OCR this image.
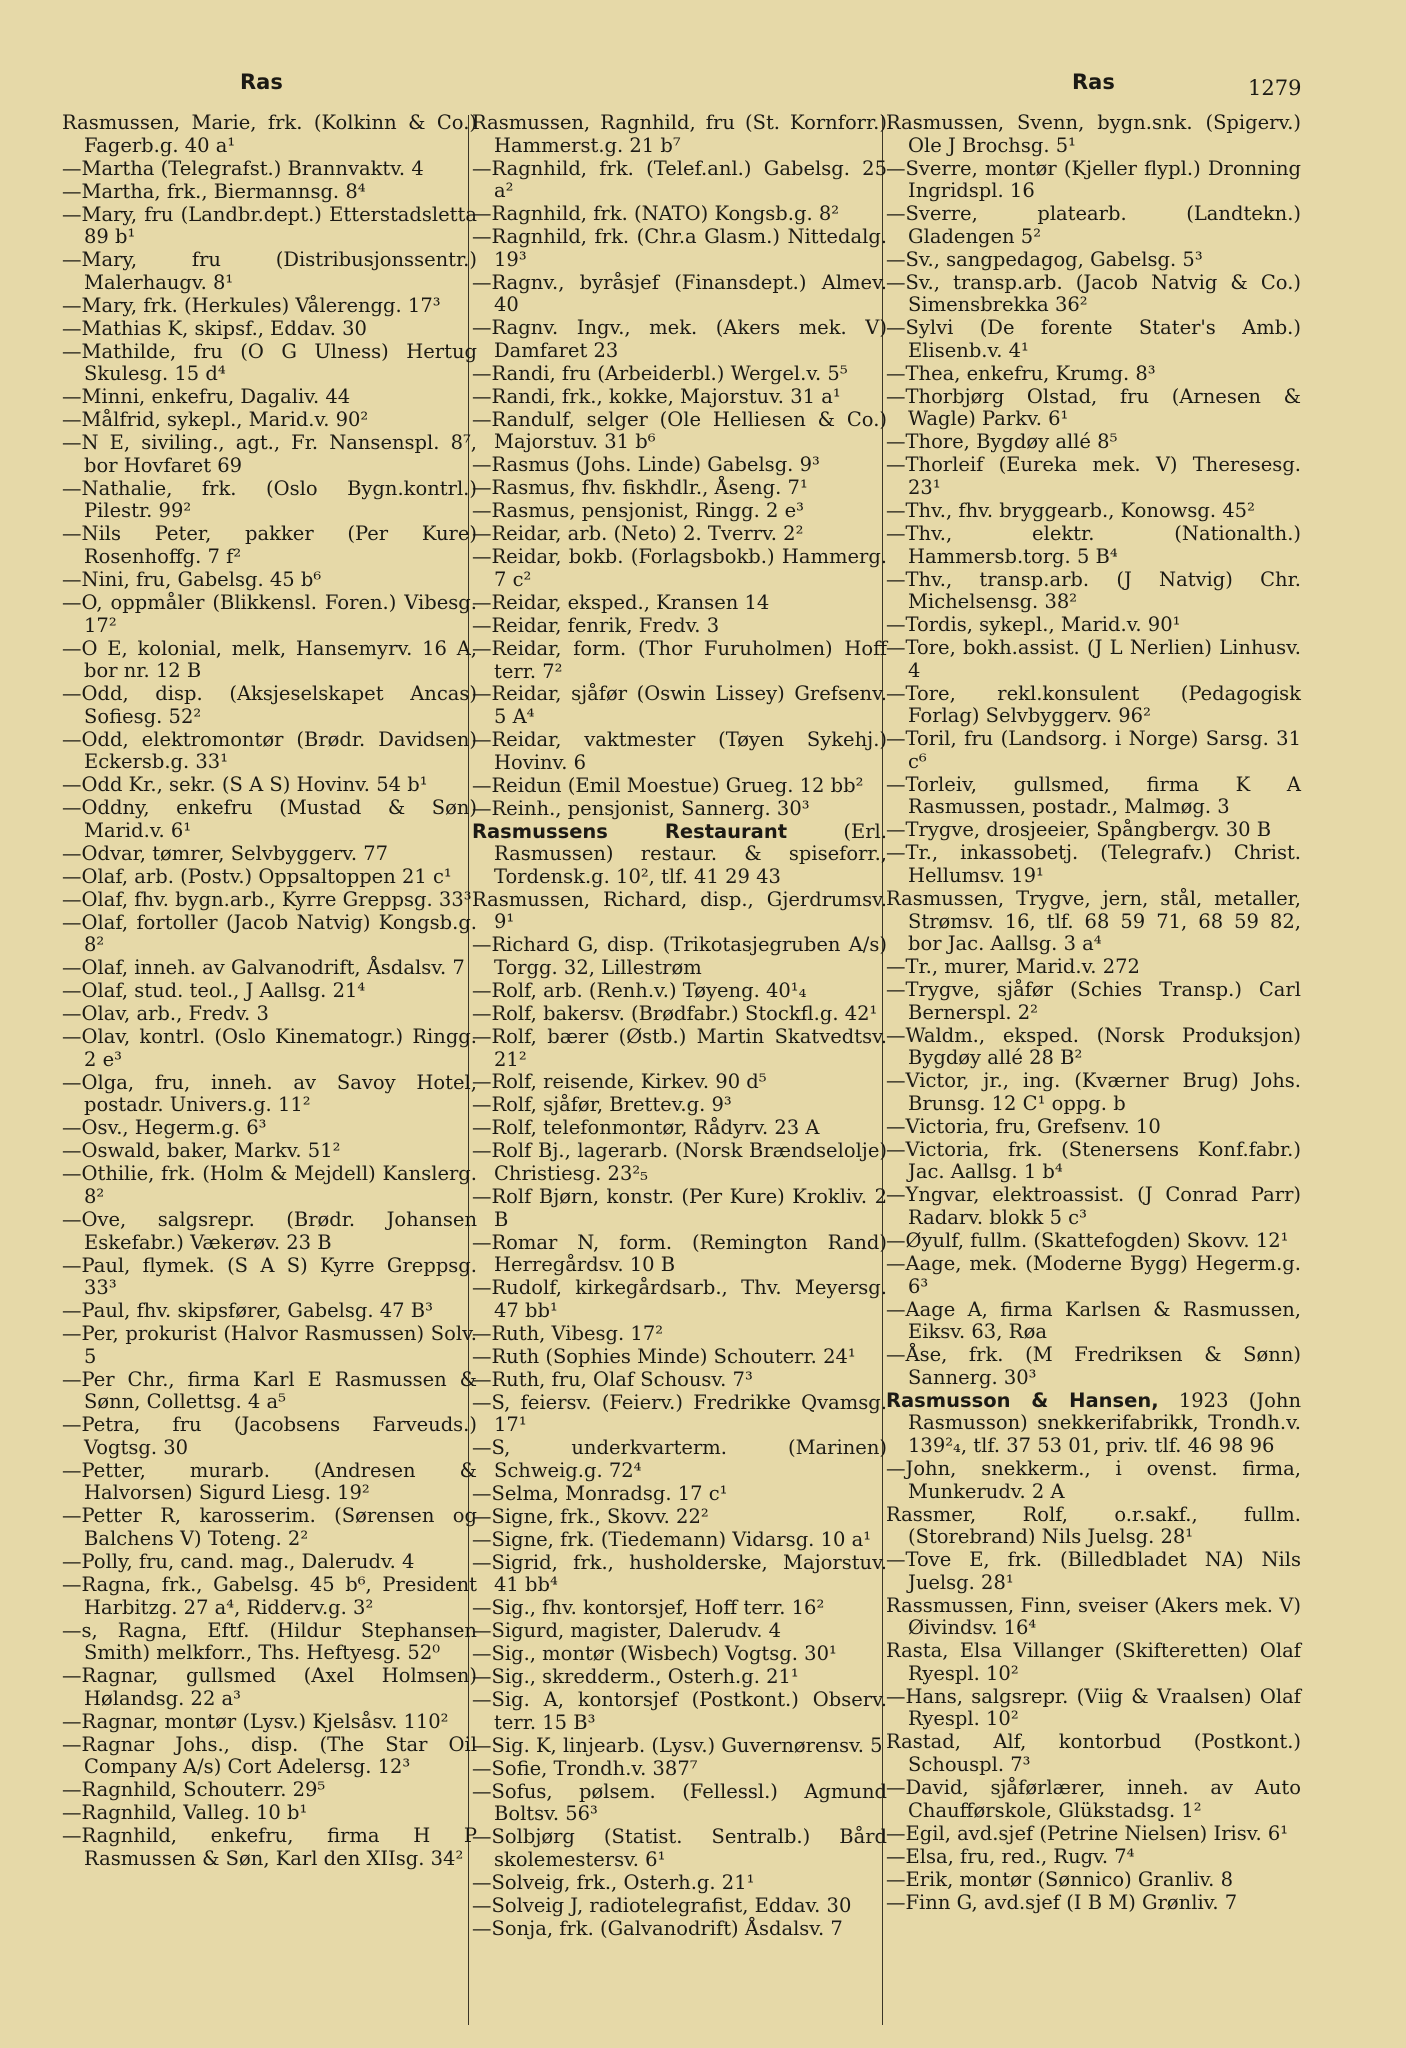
Ras	Ras	1279
Rasmussen, Marie, frk. (Kolkinn & Co.) Fagerb.g. 40 a¹
—Martha (Telegrafst.) Brannvaktv. 4
—Martha, frk., Biermannsg. 8⁴
—Mary, fru (Landbr.dept.) Etterstadsletta 89 b¹
—Mary, fru (Distribusjonssentr.) Malerhaugv. 8¹
—Mary, frk. (Herkules) Vålerengg. 17³
—Mathias K, skipsf., Eddav. 30
—Mathilde, fru (O G Ulness) Hertug Skulesg. 15 d⁴
—Minni, enkefru, Dagaliv. 44
—Målfrid, sykepl., Marid.v. 90²
—N E, siviling., agt., Fr. Nansenspl. 8⁷, bor Hovfaret 69
—Nathalie, frk. (Oslo Bygn.kontrl.) Pilestr. 99²
—Nils Peter, pakker (Per Kure) Rosenhoffg. 7 f²
—Nini, fru, Gabelsg. 45 b⁶
—O, oppmåler (Blikkensl. Foren.) Vibesg. 17²
—O E, kolonial, melk, Hansemyrv. 16 A, bor nr. 12 B
—Odd, disp. (Aksjeselskapet Ancas) Sofiesg. 52²
—Odd, elektromontør (Brødr. Davidsen) Eckersb.g. 33¹
—Odd Kr., sekr. (S A S) Hovinv. 54 b¹
—Oddny, enkefru (Mustad & Søn) Marid.v. 6¹
—Odvar, tømrer, Selvbyggerv. 77
—Olaf, arb. (Postv.) Oppsaltoppen 21 c¹
—Olaf, fhv. bygn.arb., Kyrre Greppsg. 33³
—Olaf, fortoller (Jacob Natvig) Kongsb.g. 8²
—Olaf, inneh. av Galvanodrift, Åsdalsv. 7
—Olaf, stud. teol., J Aallsg. 21⁴
—Olav, arb., Fredv. 3
—Olav, kontrl. (Oslo Kinematogr.) Ringg. 2 e³
—Olga, fru, inneh. av Savoy Hotel, postadr. Univers.g. 11²
—Osv., Hegerm.g. 6³
—Oswald, baker, Markv. 51²
—Othilie, frk. (Holm & Mejdell) Kanslerg. 8²
—Ove, salgsrepr. (Brødr. Johansen Eskefabr.) Vækerøv. 23 B
—Paul, flymek. (S A S) Kyrre Greppsg. 33³
—Paul, fhv. skipsfører, Gabelsg. 47 B³
—Per, prokurist (Halvor Rasmussen) Solv. 5
—Per Chr., firma Karl E Rasmussen & Sønn, Collettsg. 4 a⁵
—Petra, fru (Jacobsens Farveuds.) Vogtsg. 30
—Petter, murarb. (Andresen & Halvorsen) Sigurd Liesg. 19²
—Petter R, karosserim. (Sørensen og Balchens V) Toteng. 2²
—Polly, fru, cand. mag., Dalerudv. 4
—Ragna, frk., Gabelsg. 45 b⁶, President Harbitzg. 27 a⁴, Ridderv.g. 3²
—s, Ragna, Eftf. (Hildur Stephansen Smith) melkforr., Ths. Heftyesg. 52⁰
—Ragnar, gullsmed (Axel Holmsen) Hølandsg. 22 a³
—Ragnar, montør (Lysv.) Kjelsåsv. 110²
—Ragnar Johs., disp. (The Star Oil Company A/s) Cort Adelersg. 12³
—Ragnhild, Schouterr. 29⁵
—Ragnhild, Valleg. 10 b¹
—Ragnhild, enkefru, firma H P Rasmussen & Søn, Karl den XIIsg. 34²
Rasmussen, Ragnhild, fru (St. Kornforr.) Hammerst.g. 21 b⁷
—Ragnhild, frk. (Telef.anl.) Gabelsg. 25 a²
—Ragnhild, frk. (NATO) Kongsb.g. 8²
—Ragnhild, frk. (Chr.a Glasm.) Nittedalg. 19³
—Ragnv., byråsjef (Finansdept.) Almev. 40
—Ragnv. Ingv., mek. (Akers mek. V) Damfaret 23
—Randi, fru (Arbeiderbl.) Wergel.v. 5⁵
—Randi, frk., kokke, Majorstuv. 31 a¹
—Randulf, selger (Ole Helliesen & Co.) Majorstuv. 31 b⁶
—Rasmus (Johs. Linde) Gabelsg. 9³
—Rasmus, fhv. fiskhdlr., Åseng. 7¹
—Rasmus, pensjonist, Ringg. 2 e³
—Reidar, arb. (Neto) 2. Tverrv. 2²
—Reidar, bokb. (Forlagsbokb.) Hammerg. 7 c²
—Reidar, eksped., Kransen 14
—Reidar, fenrik, Fredv. 3
—Reidar, form. (Thor Furuholmen) Hoff terr. 7²
—Reidar, sjåfør (Oswin Lissey) Grefsenv. 5 A⁴
—Reidar, vaktmester (Tøyen Sykehj.) Hovinv. 6
—Reidun (Emil Moestue) Grueg. 12 bb²
—Reinh., pensjonist, Sannerg. 30³
Rasmussens Restaurant (Erl. Rasmussen) restaur. & spiseforr., Tordensk.g. 10², tlf. 41 29 43
Rasmussen, Richard, disp., Gjerdrumsv. 9¹
—Richard G, disp. (Trikotasjegruben A/s) Torgg. 32, Lillestrøm
—Rolf, arb. (Renh.v.) Tøyeng. 40¹₄
—Rolf, bakersv. (Brødfabr.) Stockfl.g. 42¹
—Rolf, bærer (Østb.) Martin Skatvedtsv. 21²
—Rolf, reisende, Kirkev. 90 d⁵
—Rolf, sjåfør, Brettev.g. 9³
—Rolf, telefonmontør, Rådyrv. 23 A
—Rolf Bj., lagerarb. (Norsk Brændselolje) Christiesg. 23²₅
—Rolf Bjørn, konstr. (Per Kure) Krokliv. 2 B
—Romar N, form. (Remington Rand) Herregårdsv. 10 B
—Rudolf, kirkegårdsarb., Thv. Meyersg. 47 bb¹
—Ruth, Vibesg. 17²
—Ruth (Sophies Minde) Schouterr. 24¹
—Ruth, fru, Olaf Schousv. 7³
—S, feiersv. (Feierv.) Fredrikke Qvamsg. 17¹
—S, underkvarterm. (Marinen) Schweig.g. 72⁴
—Selma, Monradsg. 17 c¹
—Signe, frk., Skovv. 22²
—Signe, frk. (Tiedemann) Vidarsg. 10 a¹
—Sigrid, frk., husholderske, Majorstuv. 41 bb⁴
—Sig., fhv. kontorsjef, Hoff terr. 16²
—Sigurd, magister, Dalerudv. 4
—Sig., montør (Wisbech) Vogtsg. 30¹
—Sig., skredderm., Osterh.g. 21¹
—Sig. A, kontorsjef (Postkont.) Observ. terr. 15 B³
—Sig. K, linjearb. (Lysv.) Guvernørensv. 5
—Sofie, Trondh.v. 387⁷
—Sofus, pølsem. (Fellessl.) Agmund Boltsv. 56³
—Solbjørg (Statist. Sentralb.) Bård skolemestersv. 6¹
—Solveig, frk., Osterh.g. 21¹
—Solveig J, radiotelegrafist, Eddav. 30
—Sonja, frk. (Galvanodrift) Åsdalsv. 7
Rasmussen, Svenn, bygn.snk. (Spigerv.) Ole J Brochsg. 5¹
—Sverre, montør (Kjeller flypl.) Dronning Ingridspl. 16
—Sverre, platearb. (Landtekn.) Gladengen 5²
—Sv., sangpedagog, Gabelsg. 5³
—Sv., transp.arb. (Jacob Natvig & Co.) Simensbrekka 36²
—Sylvi (De forente Stater's Amb.) Elisenb.v. 4¹
—Thea, enkefru, Krumg. 8³
—Thorbjørg Olstad, fru (Arnesen & Wagle) Parkv. 6¹
—Thore, Bygdøy allé 8⁵
—Thorleif (Eureka mek. V) Theresesg. 23¹
—Thv., fhv. bryggearb., Konowsg. 45²
—Thv., elektr. (Nationalth.) Hammersb.torg. 5 B⁴
—Thv., transp.arb. (J Natvig) Chr. Michelsensg. 38²
—Tordis, sykepl., Marid.v. 90¹
—Tore, bokh.assist. (J L Nerlien) Linhusv. 4
—Tore, rekl.konsulent (Pedagogisk Forlag) Selvbyggerv. 96²
—Toril, fru (Landsorg. i Norge) Sarsg. 31 c⁶
—Torleiv, gullsmed, firma K A Rasmussen, postadr., Malmøg. 3
—Trygve, drosjeeier, Spångbergv. 30 B
—Tr., inkassobetj. (Telegrafv.) Christ. Hellumsv. 19¹
Rasmussen, Trygve, jern, stål, metaller, Strømsv. 16, tlf. 68 59 71, 68 59 82, bor Jac. Aallsg. 3 a⁴
—Tr., murer, Marid.v. 272
—Trygve, sjåfør (Schies Transp.) Carl Bernerspl. 2²
—Waldm., eksped. (Norsk Produksjon) Bygdøy allé 28 B²
—Victor, jr., ing. (Kværner Brug) Johs. Brunsg. 12 C¹ oppg. b
—Victoria, fru, Grefsenv. 10
—Victoria, frk. (Stenersens Konf.fabr.) Jac. Aallsg. 1 b⁴
—Yngvar, elektroassist. (J Conrad Parr) Radarv. blokk 5 c³
—Øyulf, fullm. (Skattefogden) Skovv. 12¹
—Aage, mek. (Moderne Bygg) Hegerm.g. 6³
—Aage A, firma Karlsen & Rasmussen, Eiksv. 63, Røa
—Åse, frk. (M Fredriksen & Sønn) Sannerg. 30³
Rasmusson & Hansen, 1923 (John Rasmusson) snekkerifabrikk, Trondh.v. 139²₄, tlf. 37 53 01, priv. tlf. 46 98 96
—John, snekkerm., i ovenst. firma, Munkerudv. 2 A
Rassmer, Rolf, o.r.sakf., fullm. (Storebrand) Nils Juelsg. 28¹
—Tove E, frk. (Billedbladet NA) Nils Juelsg. 28¹
Rassmussen, Finn, sveiser (Akers mek. V) Øivindsv. 16⁴
Rasta, Elsa Villanger (Skifteretten) Olaf Ryespl. 10²
—Hans, salgsrepr. (Viig & Vraalsen) Olaf Ryespl. 10²
Rastad, Alf, kontorbud (Postkont.) Schouspl. 7³
—David, sjåførlærer, inneh. av Auto Chaufførskole, Glükstadsg. 1²
—Egil, avd.sjef (Petrine Nielsen) Irisv. 6¹
—Elsa, fru, red., Rugv. 7⁴
—Erik, montør (Sønnico) Granliv. 8
—Finn G, avd.sjef (I B M) Grønliv. 7
